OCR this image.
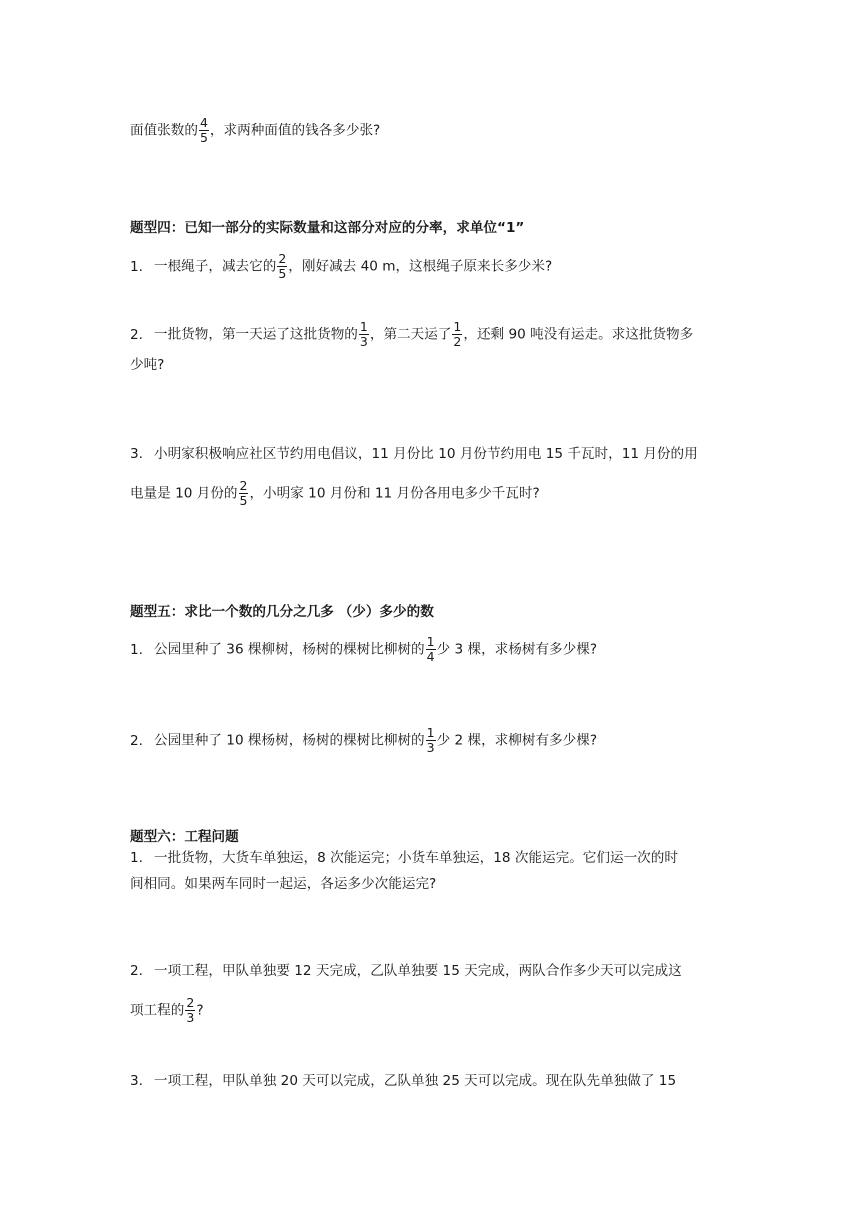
面值张数的 $\frac{4}{5}$ ，求两种面值的钱各多少张?
题型四：已知一部分的实际数量和这部分对应的分率，求单位“1”
1. 一根绳子，减去它的 $\frac{2}{5}$ ，刚好减去 40 m，这根绳子原来长多少米?
2. 一批货物，第一天运了这批货物的 $\frac{1}{3}$ ，第二天运了 $\frac{1}{2}$ ，还剩 90 吨没有运走。求这批货物多
少吨?
3. 小明家积极响应社区节约用电倡议，11 月份比 10 月份节约用电 15 千瓦时，11 月份的用
电量是 10 月份的 $\frac{2}{5}$ ，小明家 10 月份和 11 月份各用电多少千瓦时?
题型五：求比一个数的几分之几多 （少）多少的数
1. 公园里种了 36 棵柳树，杨树的棵树比柳树的 $\frac{1}{4}$ 少 3 棵，求杨树有多少棵?
2. 公园里种了 10 棵杨树，杨树的棵树比柳树的 $\frac{1}{3}$ 少 2 棵，求柳树有多少棵?
题型六：工程问题
1. 一批货物，大货车单独运，8 次能运完；小货车单独运，18 次能运完。它们运一次的时
间相同。如果两车同时一起运，各运多少次能运完?
2. 一项工程，甲队单独要 12 天完成，乙队单独要 15 天完成，两队合作多少天可以完成这
项工程的 $\frac{2}{3}$ ?
3. 一项工程，甲队单独 20 天可以完成，乙队单独 25 天可以完成。现在队先单独做了 15
